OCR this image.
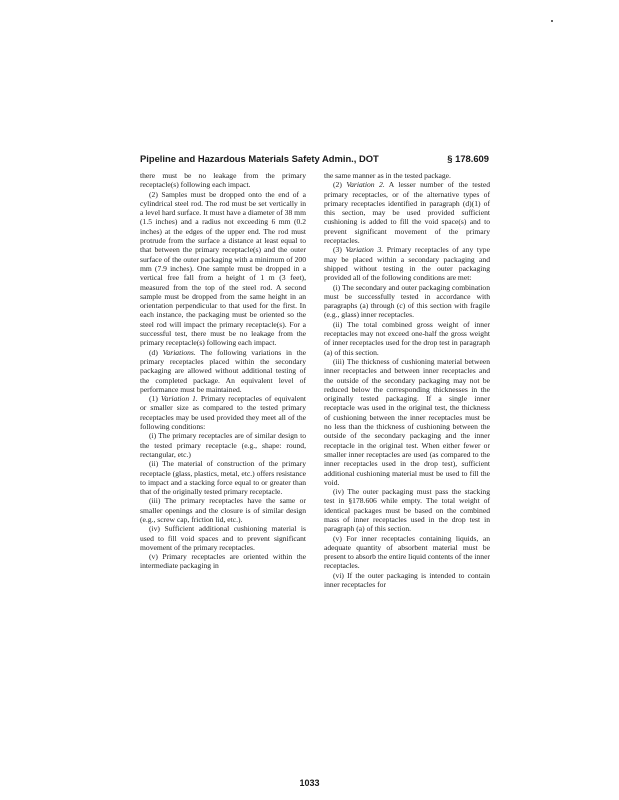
Pipeline and Hazardous Materials Safety Admin., DOT	§ 178.609

there must be no leakage from the primary receptacle(s) following each impact.

(2) Samples must be dropped onto the end of a cylindrical steel rod. The rod must be set vertically in a level hard surface. It must have a diameter of 38 mm (1.5 inches) and a radius not exceeding 6 mm (0.2 inches) at the edges of the upper end. The rod must protrude from the surface a distance at least equal to that between the primary receptacle(s) and the outer surface of the outer packaging with a minimum of 200 mm (7.9 inches). One sample must be dropped in a vertical free fall from a height of 1 m (3 feet), measured from the top of the steel rod. A second sample must be dropped from the same height in an orientation perpendicular to that used for the first. In each instance, the packaging must be oriented so the steel rod will impact the primary receptacle(s). For a successful test, there must be no leakage from the primary receptacle(s) following each impact.

(d) Variations. The following variations in the primary receptacles placed within the secondary packaging are allowed without additional testing of the completed package. An equivalent level of performance must be maintained.

(1) Variation 1. Primary receptacles of equivalent or smaller size as compared to the tested primary receptacles may be used provided they meet all of the following conditions:

(i) The primary receptacles are of similar design to the tested primary receptacle (e.g., shape: round, rectangular, etc.)

(ii) The material of construction of the primary receptacle (glass, plastics, metal, etc.) offers resistance to impact and a stacking force equal to or greater than that of the originally tested primary receptacle.

(iii) The primary receptacles have the same or smaller openings and the closure is of similar design (e.g., screw cap, friction lid, etc.).

(iv) Sufficient additional cushioning material is used to fill void spaces and to prevent significant movement of the primary receptacles.

(v) Primary receptacles are oriented within the intermediate packaging in

the same manner as in the tested package.

(2) Variation 2. A lesser number of the tested primary receptacles, or of the alternative types of primary receptacles identified in paragraph (d)(1) of this section, may be used provided sufficient cushioning is added to fill the void space(s) and to prevent significant movement of the primary receptacles.

(3) Variation 3. Primary receptacles of any type may be placed within a secondary packaging and shipped without testing in the outer packaging provided all of the following conditions are met:

(i) The secondary and outer packaging combination must be successfully tested in accordance with paragraphs (a) through (c) of this section with fragile (e.g., glass) inner receptacles.

(ii) The total combined gross weight of inner receptacles may not exceed one-half the gross weight of inner receptacles used for the drop test in paragraph (a) of this section.

(iii) The thickness of cushioning material between inner receptacles and between inner receptacles and the outside of the secondary packaging may not be reduced below the corresponding thicknesses in the originally tested packaging. If a single inner receptacle was used in the original test, the thickness of cushioning between the inner receptacles must be no less than the thickness of cushioning between the outside of the secondary packaging and the inner receptacle in the original test. When either fewer or smaller inner receptacles are used (as compared to the inner receptacles used in the drop test), sufficient additional cushioning material must be used to fill the void.

(iv) The outer packaging must pass the stacking test in §178.606 while empty. The total weight of identical packages must be based on the combined mass of inner receptacles used in the drop test in paragraph (a) of this section.

(v) For inner receptacles containing liquids, an adequate quantity of absorbent material must be present to absorb the entire liquid contents of the inner receptacles.

(vi) If the outer packaging is intended to contain inner receptacles for

1033
